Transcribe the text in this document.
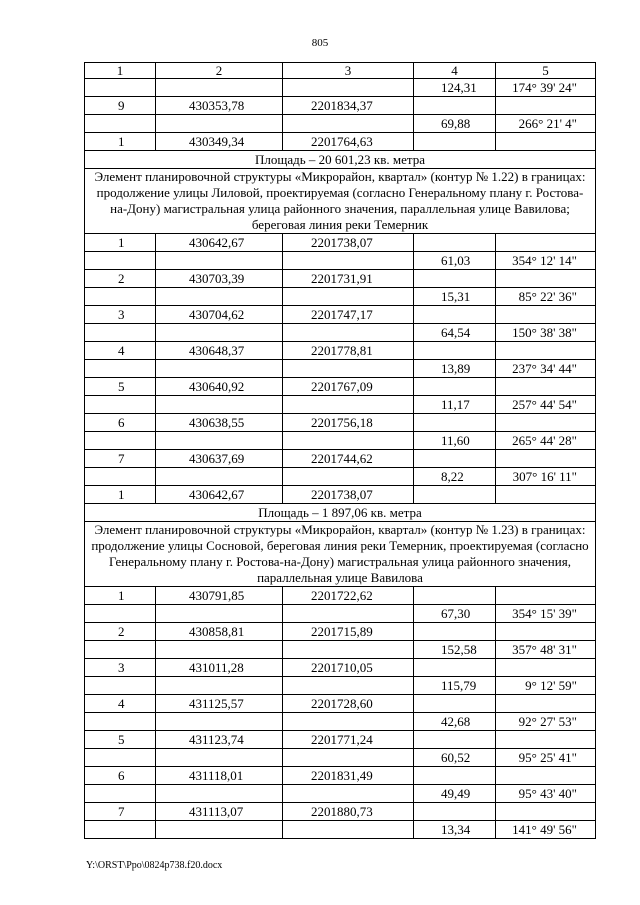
805
1	2	3	4	5
			124,31	174° 39' 24"
9	430353,78	2201834,37		
			69,88	266° 21' 4"
1	430349,34	2201764,63		
Площадь – 20 601,23 кв. метра				
Элемент планировочной структуры «Микрорайон, квартал» (контур № 1.22) в границах: продолжение улицы Лиловой, проектируемая (согласно Генеральному плану г. Ростова-на-Дону) магистральная улица районного значения, параллельная улице Вавилова; береговая линия реки Темерник				
1	430642,67	2201738,07		
			61,03	354° 12' 14"
2	430703,39	2201731,91		
			15,31	85° 22' 36"
3	430704,62	2201747,17		
			64,54	150° 38' 38"
4	430648,37	2201778,81		
			13,89	237° 34' 44"
5	430640,92	2201767,09		
			11,17	257° 44' 54"
6	430638,55	2201756,18		
			11,60	265° 44' 28"
7	430637,69	2201744,62		
			8,22	307° 16' 11"
1	430642,67	2201738,07		
Площадь – 1 897,06 кв. метра				
Элемент планировочной структуры «Микрорайон, квартал» (контур № 1.23) в границах: продолжение улицы Сосновой, береговая линия реки Темерник, проектируемая (согласно Генеральному плану г. Ростова-на-Дону) магистральная улица районного значения, параллельная улице Вавилова				
1	430791,85	2201722,62		
			67,30	354° 15' 39"
2	430858,81	2201715,89		
			152,58	357° 48' 31"
3	431011,28	2201710,05		
			115,79	9° 12' 59"
4	431125,57	2201728,60		
			42,68	92° 27' 53"
5	431123,74	2201771,24		
			60,52	95° 25' 41"
6	431118,01	2201831,49		
			49,49	95° 43' 40"
7	431113,07	2201880,73		
			13,34	141° 49' 56"
Y:\ORST\Ppo\0824p738.f20.docx
